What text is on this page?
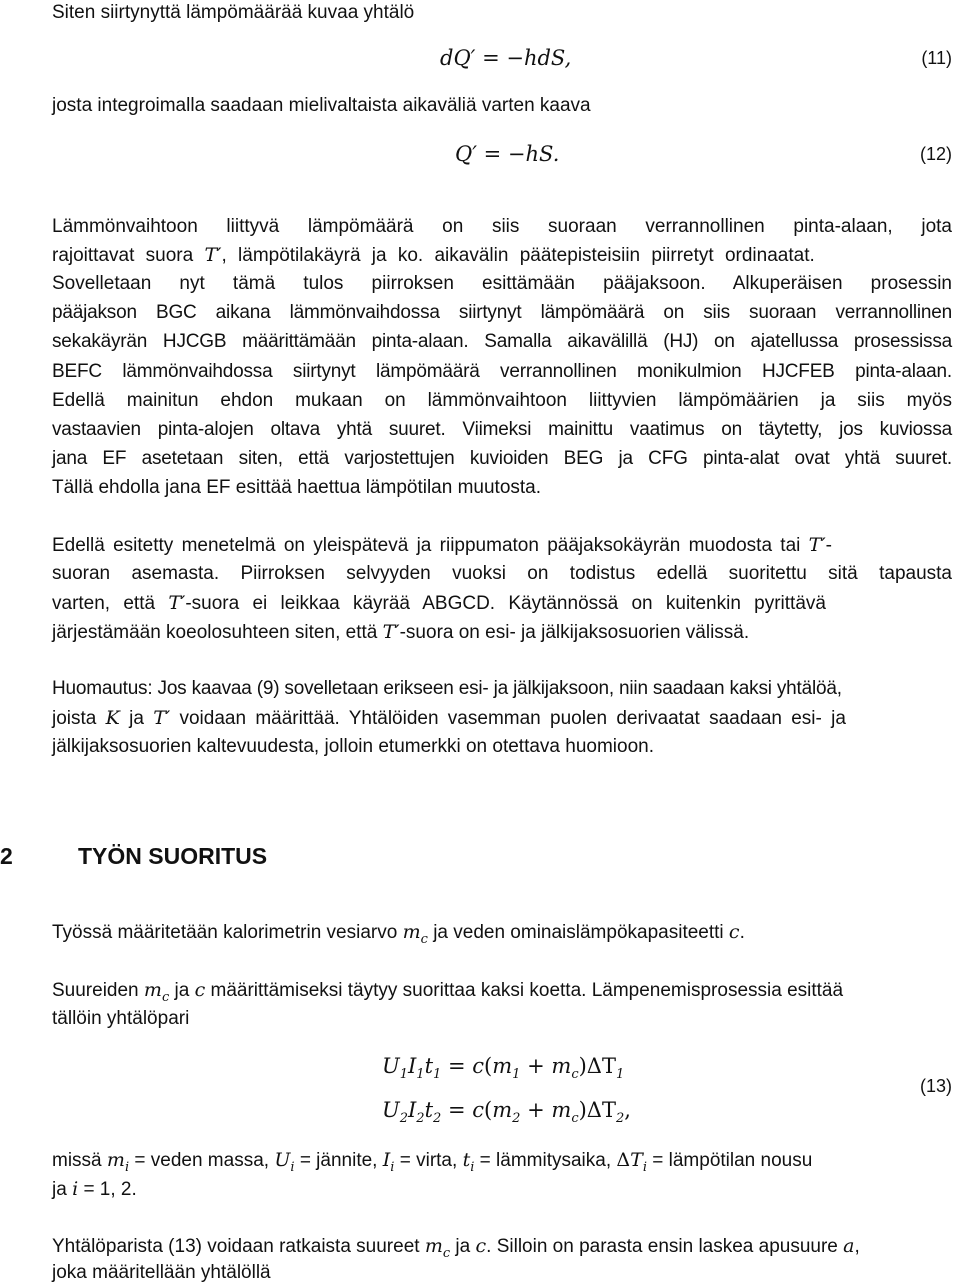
Siten siirtynyttä lämpömäärää kuvaa yhtälö
dQ′ = −hdS,	(11)
josta integroimalla saadaan mielivaltaista aikaväliä varten kaava
Q′ = −hS.	(12)
Lämmönvaihtoon liittyvä lämpömäärä on siis suoraan verrannollinen pinta-alaan, jota
rajoittavat suora T′, lämpötilakäyrä ja ko. aikavälin päätepisteisiin piirretyt ordinaatat.
Sovelletaan nyt tämä tulos piirroksen esittämään pääjaksoon. Alkuperäisen prosessin
pääjakson BGC aikana lämmönvaihdossa siirtynyt lämpömäärä on siis suoraan verrannollinen
sekakäyrän HJCGB määrittämään pinta-alaan. Samalla aikavälillä (HJ) on ajatellussa prosessissa
BEFC lämmönvaihdossa siirtynyt lämpömäärä verrannollinen monikulmion HJCFEB pinta-alaan.
Edellä mainitun ehdon mukaan on lämmönvaihtoon liittyvien lämpömäärien ja siis myös
vastaavien pinta-alojen oltava yhtä suuret. Viimeksi mainittu vaatimus on täytetty, jos kuviossa
jana EF asetetaan siten, että varjostettujen kuvioiden BEG ja CFG pinta-alat ovat yhtä suuret.
Tällä ehdolla jana EF esittää haettua lämpötilan muutosta.
Edellä esitetty menetelmä on yleispätevä ja riippumaton pääjaksokäyrän muodosta tai T′-
suoran asemasta. Piirroksen selvyyden vuoksi on todistus edellä suoritettu sitä tapausta
varten, että T′-suora ei leikkaa käyrää ABGCD. Käytännössä on kuitenkin pyrittävä
järjestämään koeolosuhteen siten, että T′-suora on esi- ja jälkijaksosuorien välissä.
Huomautus: Jos kaavaa (9) sovelletaan erikseen esi- ja jälkijaksoon, niin saadaan kaksi yhtälöä,
joista K ja T′ voidaan määrittää. Yhtälöiden vasemman puolen derivaatat saadaan esi- ja
jälkijaksosuorien kaltevuudesta, jolloin etumerkki on otettava huomioon.
2	TYÖN SUORITUS
Työssä määritetään kalorimetrin vesiarvo $m_c$ ja veden ominaislämpökapasiteetti c.
Suureiden $m_c$ ja c määrittämiseksi täytyy suorittaa kaksi koetta. Lämpenemisprosessia esittää
tällöin yhtälöpari
$U_1I_1t_1 = c(m_1 + m_c)\Delta T_1$
$U_2I_2t_2 = c(m_2 + m_c)\Delta T_2$,
(13)
missä $m_i$ = veden massa, $U_i$ = jännite, $I_i$ = virta, $t_i$ = lämmitysaika, $\Delta T_i$ = lämpötilan nousu
ja i = 1, 2.
Yhtälöparista (13) voidaan ratkaista suureet $m_c$ ja c. Silloin on parasta ensin laskea apusuure a,
joka määritellään yhtälöllä
